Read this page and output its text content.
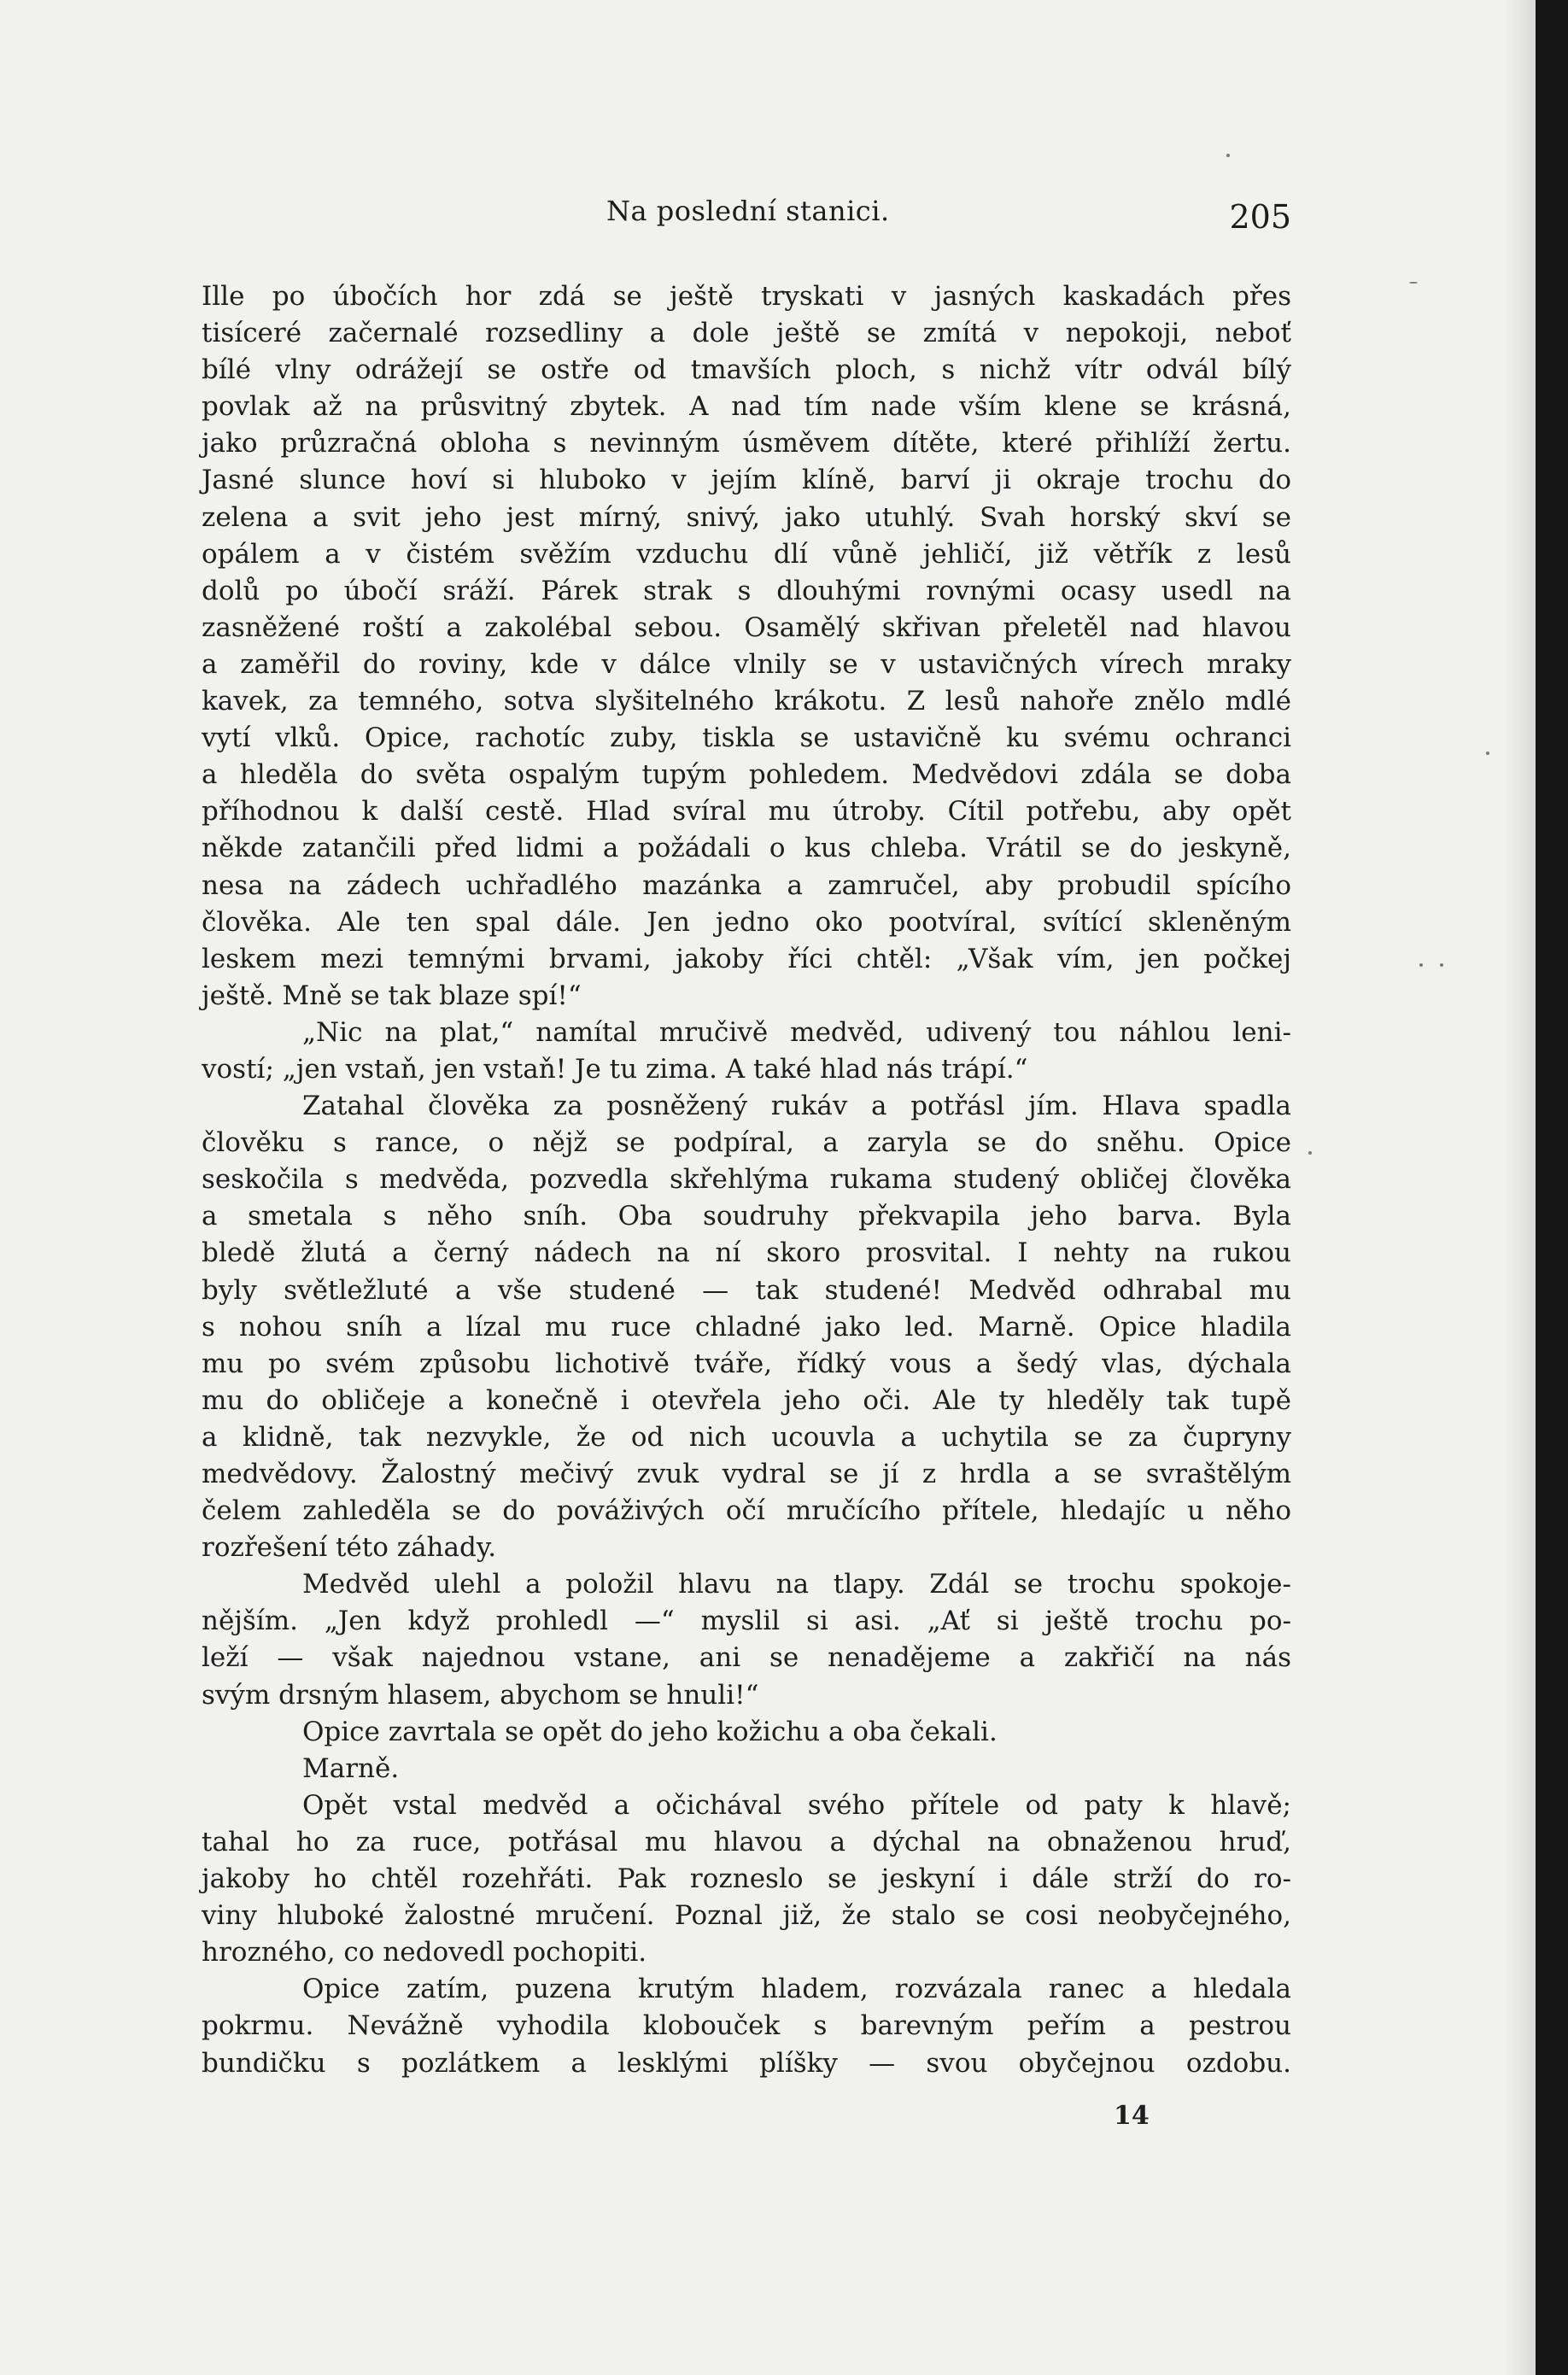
Na poslední stanici.	205
Ille po úbočích hor zdá se ještě tryskati v jasných kaskadách přes
tisíceré začernalé rozsedliny a dole ještě se zmítá v nepokoji, neboť
bílé vlny odrážejí se ostře od tmavších ploch, s nichž vítr odvál bílý
povlak až na průsvitný zbytek. A nad tím nade vším klene se krásná,
jako průzračná obloha s nevinným úsměvem dítěte, které přihlíží žertu.
Jasné slunce hoví si hluboko v jejím klíně, barví ji okraje trochu do
zelena a svit jeho jest mírný, snivý, jako utuhlý. Svah horský skví se
opálem a v čistém svěžím vzduchu dlí vůně jehličí, již větřík z lesů
dolů po úbočí sráží. Párek strak s dlouhými rovnými ocasy usedl na
zasněžené roští a zakolébal sebou. Osamělý skřivan přeletěl nad hlavou
a zaměřil do roviny, kde v dálce vlnily se v ustavičných vírech mraky
kavek, za temného, sotva slyšitelného krákotu. Z lesů nahoře znělo mdlé
vytí vlků. Opice, rachotíc zuby, tiskla se ustavičně ku svému ochranci
a hleděla do světa ospalým tupým pohledem. Medvědovi zdála se doba
příhodnou k další cestě. Hlad svíral mu útroby. Cítil potřebu, aby opět
někde zatančili před lidmi a požádali o kus chleba. Vrátil se do jeskyně,
nesa na zádech uchřadlého mazánka a zamručel, aby probudil spícího
člověka. Ale ten spal dále. Jen jedno oko pootvíral, svítící skleněným
leskem mezi temnými brvami, jakoby říci chtěl: „Však vím, jen počkej
ještě. Mně se tak blaze spí!“
„Nic na plat,“ namítal mručivě medvěd, udivený tou náhlou leni-
vostí; „jen vstaň, jen vstaň! Je tu zima. A také hlad nás trápí.“
Zatahal člověka za posněžený rukáv a potřásl jím. Hlava spadla
člověku s rance, o nějž se podpíral, a zaryla se do sněhu. Opice
seskočila s medvěda, pozvedla skřehlýma rukama studený obličej člověka
a smetala s něho sníh. Oba soudruhy překvapila jeho barva. Byla
bledě žlutá a černý nádech na ní skoro prosvital. I nehty na rukou
byly světležluté a vše studené — tak studené! Medvěd odhrabal mu
s nohou sníh a lízal mu ruce chladné jako led. Marně. Opice hladila
mu po svém způsobu lichotivě tváře, řídký vous a šedý vlas, dýchala
mu do obličeje a konečně i otevřela jeho oči. Ale ty hleděly tak tupě
a klidně, tak nezvykle, že od nich ucouvla a uchytila se za čupryny
medvědovy. Žalostný mečivý zvuk vydral se jí z hrdla a se svraštělým
čelem zahleděla se do pováživých očí mručícího přítele, hledajíc u něho
rozřešení této záhady.
Medvěd ulehl a položil hlavu na tlapy. Zdál se trochu spokoje-
nějším. „Jen když prohledl —“ myslil si asi. „Ať si ještě trochu po-
leží — však najednou vstane, ani se nenadějeme a zakřičí na nás
svým drsným hlasem, abychom se hnuli!“
Opice zavrtala se opět do jeho kožichu a oba čekali.
Marně.
Opět vstal medvěd a očichával svého přítele od paty k hlavě;
tahal ho za ruce, potřásal mu hlavou a dýchal na obnaženou hruď,
jakoby ho chtěl rozehřáti. Pak rozneslo se jeskyní i dále strží do ro-
viny hluboké žalostné mručení. Poznal již, že stalo se cosi neobyčejného,
hrozného, co nedovedl pochopiti.
Opice zatím, puzena krutým hladem, rozvázala ranec a hledala
pokrmu. Nevážně vyhodila klobouček s barevným peřím a pestrou
bundičku s pozlátkem a lesklými plíšky — svou obyčejnou ozdobu.
14
